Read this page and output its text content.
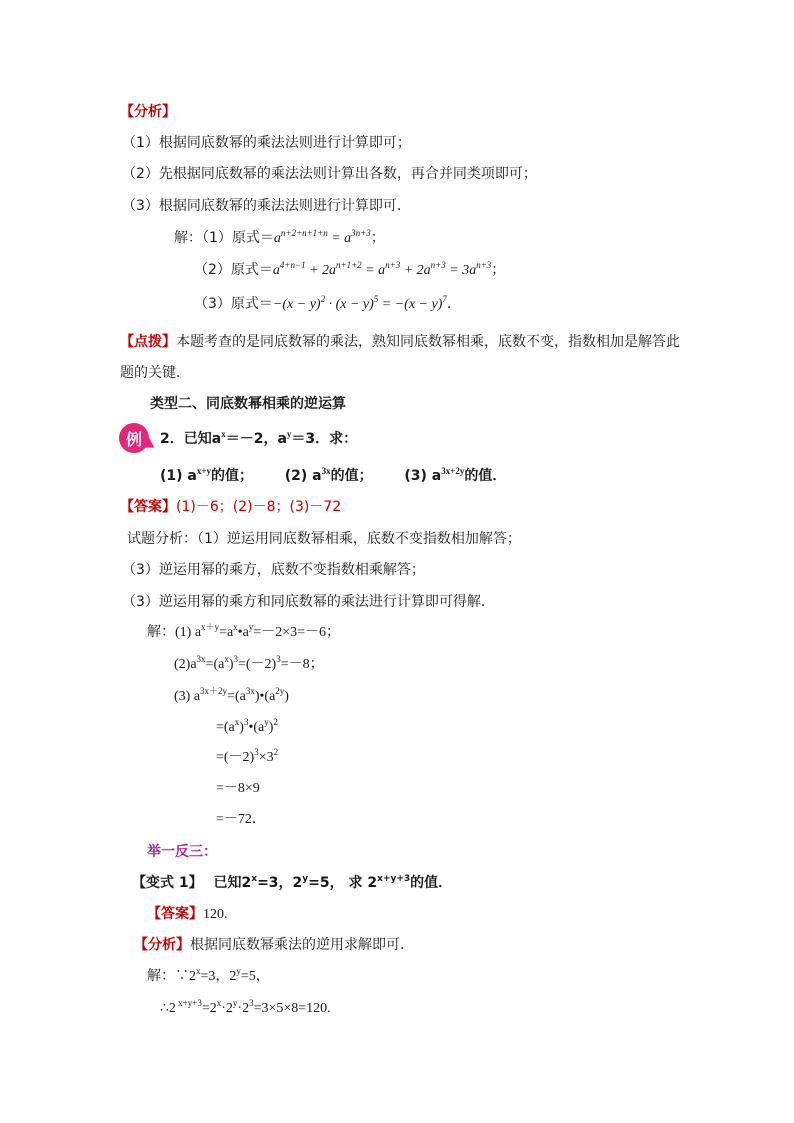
【分析】
（1）根据同底数幂的乘法法则进行计算即可；
（2）先根据同底数幂的乘法法则计算出各数，再合并同类项即可；
（3）根据同底数幂的乘法法则进行计算即可．
解：（1）原式$=a^{n+2+n+1+n} = a^{3n+3}$；
（2）原式$=a^{4+n-1} + 2a^{n+1+2} = a^{n+3} + 2a^{n+3} = 3a^{n+3}$；
（3）原式$=-(x - y)^2 \cdot (x - y)^5 = -(x - y)^7$．
【点拨】本题考查的是同底数幂的乘法，熟知同底数幂相乘，底数不变，指数相加是解答此
题的关键．
类型二、同底数幂相乘的逆运算
例 2．已知$a^x=-2$，$a^y=3$．求：
(1) $a^{x+y}$的值； (2) $a^{3x}$的值； (3) $a^{3x+2y}$的值．
【答案】(1)－6；(2)－8；(3)－72
试题分析：（1）逆运用同底数幂相乘，底数不变指数相加解答；
（3）逆运用幂的乘方，底数不变指数相乘解答；
（3）逆运用幂的乘方和同底数幂的乘法进行计算即可得解．
解：(1) $a^{x+y}=a^x•a^y=-2\times 3=-6$；
$(2)a^{3x}=(a^x)^3=(-2)^3=-8$；
(3) $a^{3x+2y}=(a^{3x})•(a^{2y})$
$=(a^x)^3•(a^y)^2$
$=(-2)^3\times 3^2$
=－8×9
=－72．
举一反三：
【变式 1】 已知$2^x=3$，$2^y=5$， 求 $2^{x+y+3}$的值．
【答案】120.
【分析】根据同底数幂乘法的逆用求解即可．
解：$\because 2^x=3$，$2^y=5$，
∴2 $^{x+y+3}=2^x\cdot 2^y\cdot 2^3=3\times 5\times 8=120$.
